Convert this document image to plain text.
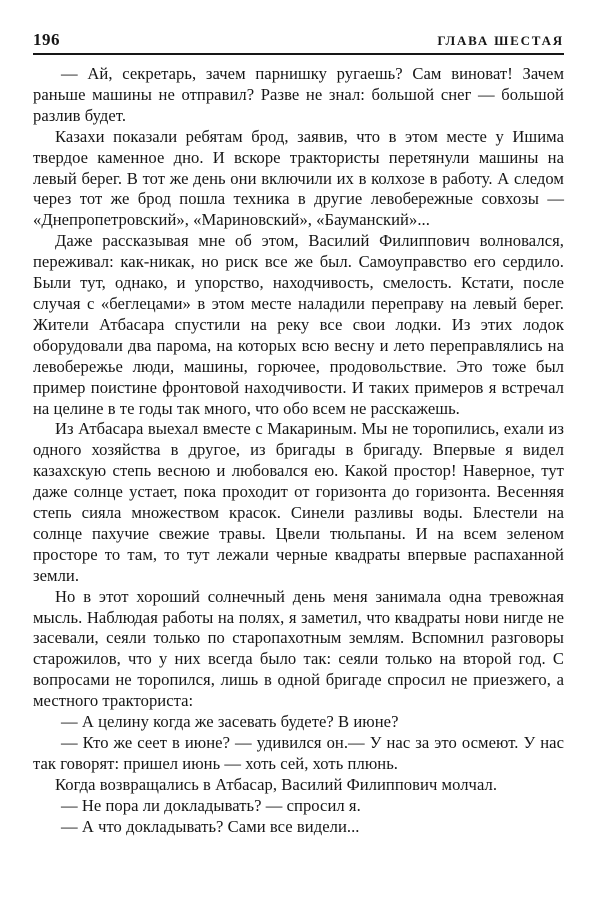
196	ГЛАВА ШЕСТАЯ

— Ай, секретарь, зачем парнишку ругаешь? Сам виноват! Зачем раньше машины не отправил? Разве не знал: большой снег — большой разлив будет.

Казахи показали ребятам брод, заявив, что в этом месте у Ишима твердое каменное дно. И вскоре трактористы перетянули машины на левый берег. В тот же день они включили их в колхозе в работу. А следом через тот же брод пошла техника в другие левобережные совхозы — «Днепропетровский», «Мариновский», «Бауманский»...

Даже рассказывая мне об этом, Василий Филиппович волновался, переживал: как-никак, но риск все же был. Самоуправство его сердило. Были тут, однако, и упорство, находчивость, смелость. Кстати, после случая с «беглецами» в этом месте наладили переправу на левый берег. Жители Атбасара спустили на реку все свои лодки. Из этих лодок оборудовали два парома, на которых всю весну и лето переправлялись на левобережье люди, машины, горючее, продовольствие. Это тоже был пример поистине фронтовой находчивости. И таких примеров я встречал на целине в те годы так много, что обо всем не расскажешь.

Из Атбасара выехал вместе с Макариным. Мы не торопились, ехали из одного хозяйства в другое, из бригады в бригаду. Впервые я видел казахскую степь весною и любовался ею. Какой простор! Наверное, тут даже солнце устает, пока проходит от горизонта до горизонта. Весенняя степь сияла множеством красок. Синели разливы воды. Блестели на солнце пахучие свежие травы. Цвели тюльпаны. И на всем зеленом просторе то там, то тут лежали черные квадраты впервые распаханной земли.

Но в этот хороший солнечный день меня занимала одна тревожная мысль. Наблюдая работы на полях, я заметил, что квадраты нови нигде не засевали, сеяли только по старопахотным землям. Вспомнил разговоры старожилов, что у них всегда было так: сеяли только на второй год. С вопросами не торопился, лишь в одной бригаде спросил не приезжего, а местного тракториста:

— А целину когда же засевать будете? В июне?

— Кто же сеет в июне? — удивился он.— У нас за это осмеют. У нас так говорят: пришел июнь — хоть сей, хоть плюнь.

Когда возвращались в Атбасар, Василий Филиппович молчал.

— Не пора ли докладывать? — спросил я.

— А что докладывать? Сами все видели...
